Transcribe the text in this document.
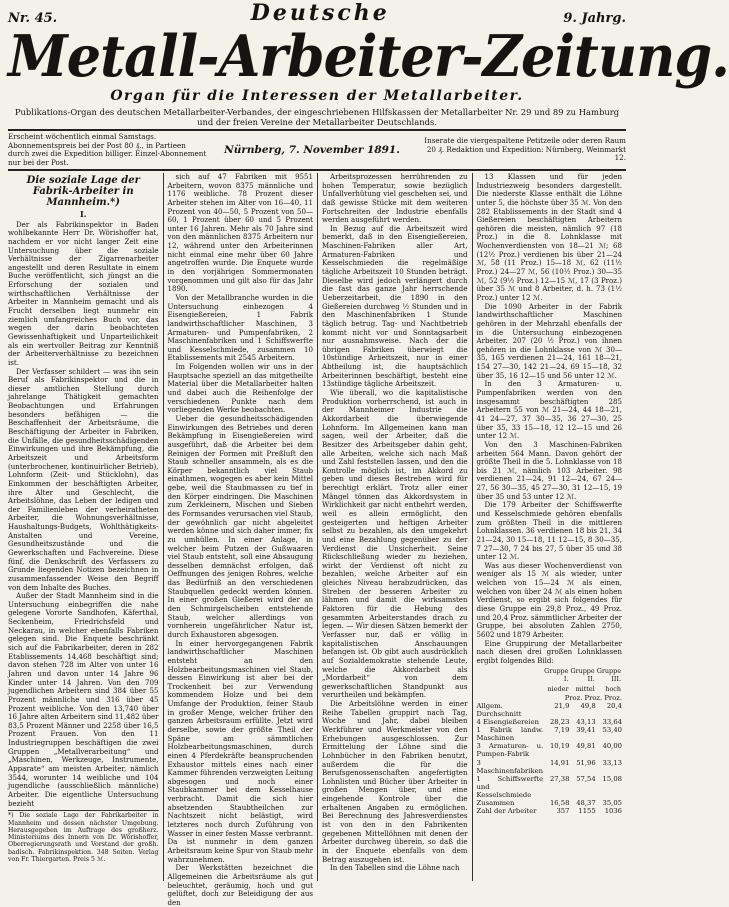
Nr. 45.	Deutsche	9. Jahrg.
Metall-Arbeiter-Zeitung.
Organ für die Interessen der Metallarbeiter.
Publikations-Organ des deutschen Metallarbeiter-Verbandes, der eingeschriebenen Hilfskassen der Metallarbeiter Nr. 29 und 89 zu Hamburg und der freien Vereine der Metallarbeiter Deutschlands.
Erscheint wöchentlich einmal Samstags. Abonnementspreis bei der Post 80 ₰., in Partieen durch zwei die Expedition billiger. Einzel-Abonnement nur bei der Post.
Nürnberg, 7. November 1891.
Inserate die viergespaltene Petitzeile oder deren Raum 20 ₰. Redaktion und Expedition: Nürnberg, Weinmarkt 12.
Die soziale Lage der Fabrik-Arbeiter in Mannheim.*)
I.

Der als Fabrikinspektor in Baden wohlbekannte Herr Dr. Wörishoffer hat, nachdem er vor nicht langer Zeit eine Untersuchung über die soziale Verhältnisse der Zigarrenarbeiter angestellt und deren Resultate in einem Buche veröffentlicht, sich jüngst an die Erforschung der sozialen und wirthschaftlichen Verhältnisse der Arbeiter in Mannheim gemacht und als Frucht derselben liegt nunmehr ein ziemlich umfangreiches Buch vor, das wegen der darin beobachteten Gewissenhaftigkeit und Unparteilichkeit als ein wertvoller Beitrag zur Kenntniß der Arbeiterverhältnisse zu bezeichnen ist.

Der Verfasser schildert — was ihn sein Beruf als Fabrikinspektor und die in dieser amtlichen Stellung durch jahrelange Thätigkeit gemachten Beobachtungen und Erfahrungen besonders befähigen — die Beschaffenheit der Arbeitsräume, die Beschäftigung der Arbeiter in Fabriken, die Unfälle, die gesundheitsschädigenden Einwirkungen und ihre Bekämpfung, die Arbeitszeit und Arbeitsform (unterbrochener, kontinuirlicher Betrieb), Lohnform (Zeit- und Stücklohn), das Einkommen der beschäftigten Arbeiter, ihre Alter und Geschlecht, die Arbeitslöhne, das Leben der ledigen und der Familienleben der verheiratheten Arbeiter, die Wohnungsverhältnisse, Haushaltungs-Budgets, Wohlthätigkeits-Anstalten und Vereine, Gesundheitszustände und die Gewerkschaften und Fachvereine. Diese fünf, die Denkschrift des Verfassers zu Grunde liegenden Notizen bezeichnen in zusammenfassender Weise den Begriff von dem Inhalte des Buches.

Außer der Stadt Mannheim sind in die Untersuchung einbegriffen die nahe gelegene Vororte Sandhofen, Käferthal, Seckenheim, Friedrichsfeld und Neckarau, in welcher ebenfalls Fabriken gelegen sind. Die Enquete beschränkt sich auf die Fabrikarbeiter, deren in 282 Etablissements 14,468 beschäftigt sind; davon stehen 728 im Alter von unter 16 Jahren und davon unter 14 Jahre 96 Kinder unter 14 Jahren. Von den 709 jugendlichen Arbeitern sind 384 über 55 Prozent männliche und 316 über 45 Prozent weibliche. Von den 13,740 über 16 Jahre alten Arbeitern sind 11,482 über 83,5 Prozent Männer und 2258 über 16,5 Prozent Frauen. Von den 11 Industriegruppen beschäftigen die zwei Gruppen „Metallverarbeitung“ und „Maschinen, Werkzeuge, Instrumente, Apparate“ am meisten Arbeiter, nämlich 3544, worunter 14 weibliche und 104 jugendliche (ausschließlich männliche) Arbeiter. Die eigentliche Untersuchung bezieht

*) Die soziale Lage der Fabrikarbeiter in Mannheim und dessen nächster Umgebung. Herausgegeben im Auftrage des großherz. Ministeriums des Innern von Dr. Wörishoffer, Oberregierungsrath und Vorstand der großh. badisch. Fabrikinspektion. 348 Seiten. Verlag von Fr. Thiergarten. Preis 5 ℳ.

sich auf 47 Fabriken mit 9551 Arbeitern, wovon 8375 männliche und 1176 weibliche. 78 Prozent dieser Arbeiter stehen im Alter von 16—40, 11 Prozent von 40—50, 5 Prozent von 50—60, 1 Prozent über 60 und 5 Prozent unter 16 Jahren. Mehr als 70 Jahre sind von den männlichen 8375 Arbeitern nur 12, während unter den Arbeiterinnen nicht einmal eine mehr über 60 Jahre angetroffen wurde. Die Enquete wurde in den vorjährigen Sommermonaten vorgenommen und gilt also für das Jahr 1890.

Von der Metallbranche wurden in die Untersuchung einbezogen 4 Eisengießereien, 1 Fabrik landwirthschaftlicher Maschinen, 3 Armaturen- und Pumpenfabriken, 2 Maschinenfabriken und 1 Schiffswerfte und Kesselschmiede, zusammen 10 Etablissements mit 2545 Arbeitern.

Im Folgenden wollen wir uns in der Hauptsache speziell an das mitgetheilte Material über die Metallarbeiter halten und dabei auch die Reihenfolge der verschiedenen Punkte nach dem vorliegenden Werke beobachten.

Ueber die gesundheitsschädigenden Einwirkungen des Betriebes und deren Bekämpfung in Eisengießereien wird ausgeführt, daß die Arbeiter bei dem Reinigen der Formen mit Preßluft den Staub schneller ansammeln, als es die Körper bekanntlich viel Staub einathmen, wogegen es aber kein Mittel gebe, weil die Staubmassen zu tief in den Körper eindringen. Die Maschinen zum Zerkleinern, Mischen und Sieben des Formsandes verursachen viel Staub, der gewöhnlich gar nicht abgeleitet werden könne und sich daher immer, fix zu umhüllen. In einer Anlage, in welcher beim Putzen der Gußwaaren viel Staub entsteht, soll eine Absaugung desselben demnächst erfolgen, daß Oeffnungen des jenigen Rohres, welche das Bedürfniß an den verschiedenen Staubquellen gedeckt werden können. In einer großen Gießerei wird der an den Schmirgelscheiben entstehende Staub, welcher allerdings von vornherein ungefährlicher Natur ist, durch Exhaustoren abgesogen.

In einer hervorgegangenen Fabrik landwirthschaftlicher Maschinen entsteht an den Holzbearbeitungsmaschinen viel Staub, dessen Einwirkung ist aber bei der Trockenheit bei zur Verwendung kommendem Holze und bei dem Umfange der Produktion, feiner Staub in großer Menge, welcher früher den ganzen Arbeitsraum erfüllte. Jetzt wird derselbe, sowie der größte Theil der Späne am sämmtlichen Holzbearbeitungsmaschinen, durch einen 4 Pferdekräfte beanspruchenden Exhaustor mittels eines nach einer Kammer führenden verzweigten Leitung abgesogen und noch einer Staubkammer bei dem Kesselhause verbracht. Damit die sich hier absetzenden Staubtheilchen zur Nachtszeit nicht belästigt, wird letzteres noch durch Zuführung von Wasser in einer festen Masse verbrannt. Da ist nunmehr in dem ganzen Arbeitsraum keine Spur von Staub mehr wahrzunehmen.

Der Werkstätten bezeichnet die Allgemeinen die Arbeitsräume als gut beleuchtet, geräumig, hoch und gut gelüftet, doch zur Beleidigung der aus den

Arbeitsprozessen herrührenden zu hohen Temperatur, sowie bezüglich Unfallverhütung viel geschehen sei, und daß gewisse Stücke mit dem weiteren Fortschreiten der Industrie ebenfalls werden ausgeführt werden.

In Bezug auf die Arbeitszeit wird bemerkt, daß in den Eisengießereien, Maschinen-Fabriken aller Art, Armaturen-Fabriken und Kesselschmieden die regelmäßige tägliche Arbeitszeit 10 Stunden beträgt. Dieselbe wird jedoch verlängert durch die fast das ganze Jahr herrschende Ueberzeitarbeit, die 1890 in den Gießereien durchweg ½ Stunden und in den Maschinenfabriken 1 Stunde täglich betrug. Tag- und Nachtbetrieb kommt nicht vor und Sonntagsarbeit nur ausnahmsweise. Nach der die übrigen Fabriken überwiegt die 10stündige Arbeitszeit, nur in einer Abtheilung ist, die hauptsächlich Arbeiterinnen beschäftigt, besteht eine 13stündige tägliche Arbeitszeit.

Wie überall, wo die kapitalistische Produktion vorherrschend, ist auch in der Mannheimer Industrie die Akkordarbeit die überwiegende Lohnform. Im Allgemeinen kann man sagen, weil der Arbeiter, daß die Besitzer des Arbeitsgeber dahin geht, alle Arbeiten, welche sich nach Maß und Zahl feststellen lassen, und den die Kontrolle möglich ist, im Akkord zu geben und dieses Bestreben wird für berechtigt erklärt. Trotz aller einer Mängel tönnen das Akkordsystem in Wirklichkeit gar nicht entbehrt werden, weil es allein ermöglicht, den gesteigerten und heftigen Arbeiter selbst zu bezahlen, als den umgekehrt und eine Bezahlung gegenüber zu der Verdienst die Unsicherheit. Seine Rückschließung wieder zu beziehen, wirkt der Verdienst oft nicht zu bezahlen, welche Arbeiter auf ein gleiches Niveau herabzudrücken, das Streben der besseren Arbeiter zu lähmen und damit die wirksamsten Faktoren für die Hebung des gesammten Arbeiterstandes drach zu legen. — Wir diesen Sätzen bemerkt der Verfasser nur, daß er völlig in kapitalistischen Anschauungen befangen ist. Ob gibt auch ausdrücklich auf Sozialdemokratie stehende Leute, welche die Akkordarbeit als „Mordarbeit“ von dem gewerkschaftlichen Standpunkt aus verurtheilen und bekämpfen.

Die Arbeitslöhne werden in einer Reihe Tabellen gruppirt nach Tag, Woche und Jahr, dabei bleiben Werkführer und Werkmeister von den Erhebungen ausgeschlossen. Zur Ermittelung der Löhne sind die Lohnbücher in den Fabriken benutzt, außerdem die für die Berufsgenossenschaften angefertigten Lohnlisten und Bücher über Arbeiter in großen Mengen über, und eine eingehende Kontrole über die erhaltenen Angaben zu ermöglichen. Bei Berechnung des Jahresverdienstes ist von den in den Fabrikenten gegebenen Mittellöhnen mit denen der Arbeiter durchweg überein, so daß die in der Enquete ebenfalls von dem Betrag auszugehen ist.

In den Tabellen sind die Löhne nach

13 Klassen und für jeden Industriezweig besonders dargestellt. Die niederste Klasse enthält die Löhne unter 5, die höchste über 35 ℳ. Von den 282 Etablissements in der Stadt sind 4 Gießereien beschäftigten Arbeitern gehören die meisten, nämlich 97 (18 Proz.) in die 8. Lohnklasse mit Wochenverdiensten von 18—21 ℳ; 68 (12½ Proz.) verdienen bis über 21—24 ℳ, 58 (11 Proz.) 15—18 ℳ, 62 (11½ Proz.) 24—27 ℳ, 56 (10½ Proz.) 30—35 ℳ, 52 (9½ Proz.) 12—15 ℳ, 17 (3 Proz.) über 35 ℳ und 8 Arbeiter, d. h. 73 (1½ Proz.) unter 12 ℳ.

Die 1090 Arbeiter in der Fabrik landwirthschaftlicher Maschinen gehören in der Mehrzahl ebenfalls der in die Untersuchung einbezogenen Arbeiter. 207 (20 ½ Proz.) von ihnen gehören in die Lohnklasse von ℳ 30—35, 165 verdienen 21—24, 161 18—21, 154 27—30, 142 21—24, 69 15—18, 32 über 35, 16 12—15 und 56 unter 12 ℳ.

In den 3 Armaturen- u. Pumpenfabriken werden von den insgesammt beschäftigten 285 Arbeitern 55 von ℳ 21—24, 44 18—21, 41 24—27, 37 30—35, 36 27—30, 25 über 35, 33 15—18, 12 12—15 und 26 unter 12 ℳ.

Von den 3 Maschinen-Fabriken arbeiten 564 Mann. Davon gehört der größte Theil in die 5. Lohnklasse von 18 bis 21 ℳ, nämlich 103 Arbeiter. 98 verdienen 21—24, 91 12—24, 67 24—27, 56 30—35, 45 27—30, 31 12—15, 19 über 35 und 53 unter 12 ℳ.

Die 179 Arbeiter der Schiffswerfte und Kesselschmiede gehören ebenfalls zum größten Theil in die mittleren Lohnklassen. 36 verdienen 18 bis 21, 34 21—24, 30 15—18, 11 12—15, 8 30—35, 7 27—30, 7 24 bis 27, 5 über 35 und 38 unter 12 ℳ.

Was aus dieser Wochenverdienst von weniger als 15 ℳ als wieder, unter welchen von 15—24 ℳ als einen, welchen von über 24 ℳ als einen hohen Verdienst, so ergibt sich folgendes für diese Gruppe ein 29,8 Proz., 49 Proz. und 20,4 Proz. sämmtlicher Arbeiter der Gruppe, bei absoluten Zahlen 2750, 5602 und 1879 Arbeiter.

Eine Gruppirung der Metallarbeiter nach diesen drei großen Lohnklassen ergibt folgendes Bild:

	Gruppe I.	Gruppe II.	Gruppe III.
	nieder	mittel	hoch
	Proz. Proz. Proz.		
Allgem. Durchschnitt	21,9	49,8	20,4
4 Eisengießereien	28,23	43,13	33,64
1 Fabrik landw. Maschinen	7,19	39,41	53,40
3 Armaturen- u. Pumpen-Fabrik	10,19	49,81	40,00
3 Maschinenfabriken	14,91	51,96	33,13
1 Schiffswerfte und Kesselschmiede	27,38	57,54	15,08
Zusammen	16,58	48,37	35,05
Zahl der Arbeiter	357	1155	1036
